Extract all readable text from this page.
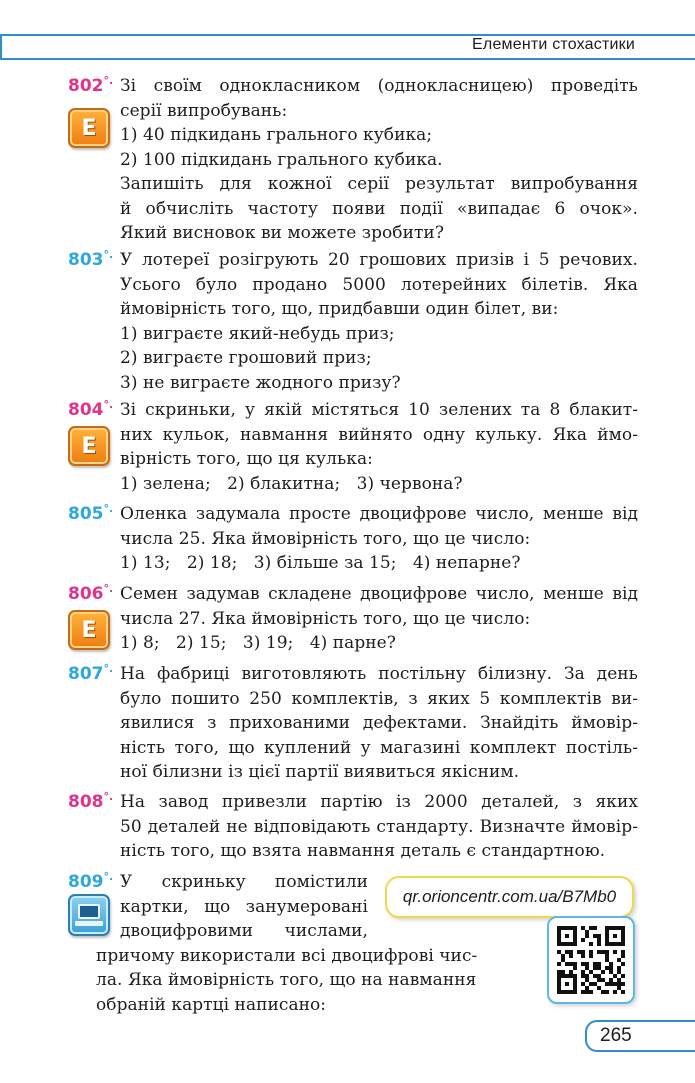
Елементи стохастики
802°.
E
Зі своїм однокласником (однокласницею) проведіть
серії випробувань:
1) 40 підкидань грального кубика;
2) 100 підкидань грального кубика.
Запишіть для кожної серії результат випробування
й обчисліть частоту появи події «випадає 6 очок».
Який висновок ви можете зробити?
803°. У лотереї розігрують 20 грошових призів і 5 речових.
Усього було продано 5000 лотерейних білетів. Яка
ймовірність того, що, придбавши один білет, ви:
1) виграєте який-небудь приз;
2) виграєте грошовий приз;
3) не виграєте жодного призу?
804°.
E
Зі скриньки, у якій містяться 10 зелених та 8 блакит-
них кульок, навмання вийнято одну кульку. Яка ймо-
вірність того, що ця кулька:
1) зелена;   2) блакитна;   3) червона?
805°. Оленка задумала просте двоцифрове число, менше від
числа 25. Яка ймовірність того, що це число:
1) 13;   2) 18;   3) більше за 15;   4) непарне?
806°.
E
Семен задумав складене двоцифрове число, менше від
числа 27. Яка ймовірність того, що це число:
1) 8;   2) 15;   3) 19;   4) парне?
807°. На фабриці виготовляють постільну білизну. За день
було пошито 250 комплектів, з яких 5 комплектів ви-
явилися з прихованими дефектами. Знайдіть ймовір-
ність того, що куплений у магазині комплект постіль-
ної білизни із цієї партії виявиться якісним.
808°. На завод привезли партію із 2000 деталей, з яких
50 деталей не відповідають стандарту. Визначте ймовір-
ність того, що взята навмання деталь є стандартною.
809°. У скриньку помістили
картки, що занумеровані
двоцифровими числами,
причому використали всі двоцифрові чис-
ла. Яка ймовірність того, що на навмання
обраній картці написано:
qr.orioncentr.com.ua/B7Mb0
265
